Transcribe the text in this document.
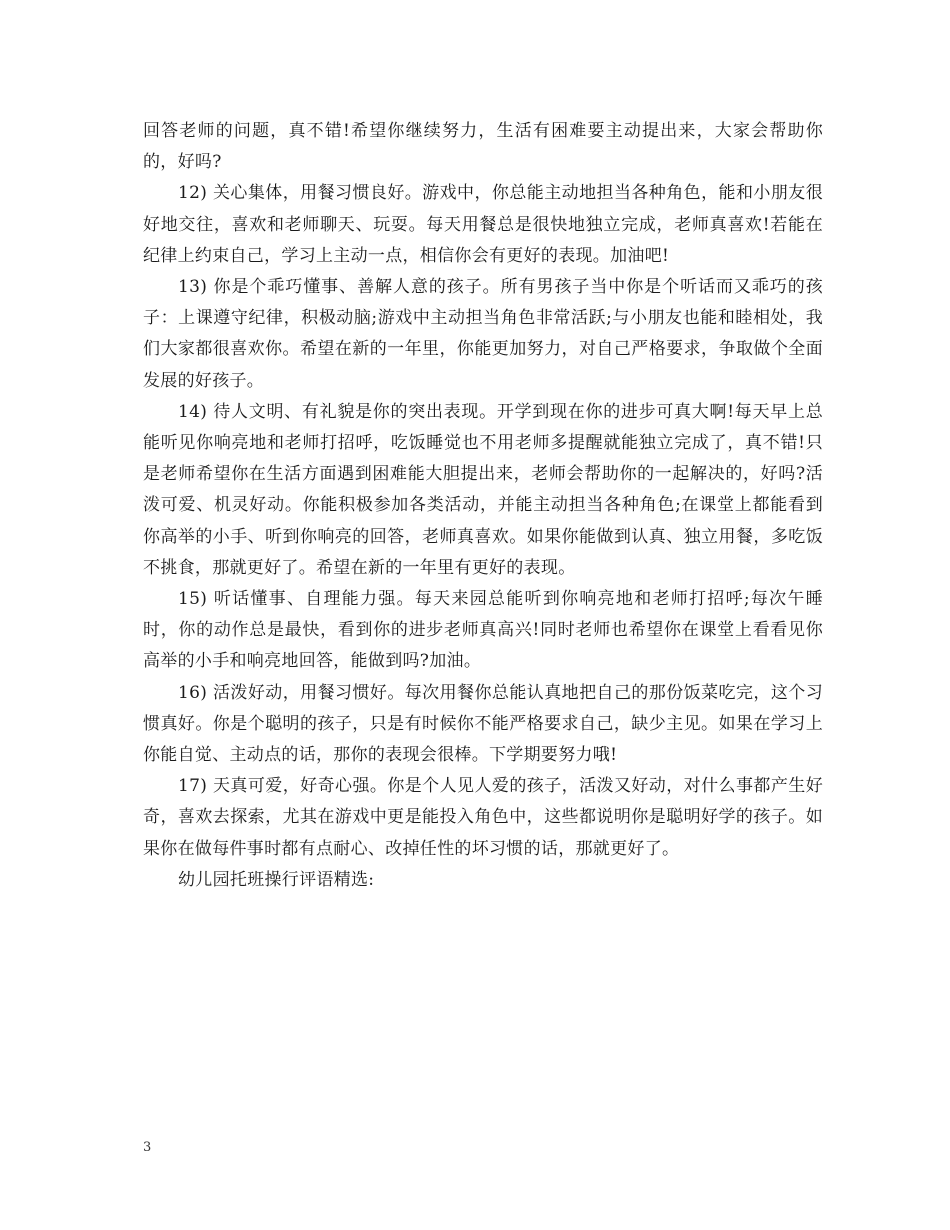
回答老师的问题，真不错!希望你继续努力，生活有困难要主动提出来，大家会帮助你的，好吗?

12) 关心集体，用餐习惯良好。游戏中，你总能主动地担当各种角色，能和小朋友很好地交往，喜欢和老师聊天、玩耍。每天用餐总是很快地独立完成，老师真喜欢!若能在纪律上约束自己，学习上主动一点，相信你会有更好的表现。加油吧!

13) 你是个乖巧懂事、善解人意的孩子。所有男孩子当中你是个听话而又乖巧的孩子：上课遵守纪律，积极动脑;游戏中主动担当角色非常活跃;与小朋友也能和睦相处，我们大家都很喜欢你。希望在新的一年里，你能更加努力，对自己严格要求，争取做个全面发展的好孩子。

14) 待人文明、有礼貌是你的突出表现。开学到现在你的进步可真大啊!每天早上总能听见你响亮地和老师打招呼，吃饭睡觉也不用老师多提醒就能独立完成了，真不错!只是老师希望你在生活方面遇到困难能大胆提出来，老师会帮助你的一起解决的，好吗?活泼可爱、机灵好动。你能积极参加各类活动，并能主动担当各种角色;在课堂上都能看到你高举的小手、听到你响亮的回答，老师真喜欢。如果你能做到认真、独立用餐，多吃饭不挑食，那就更好了。希望在新的一年里有更好的表现。

15) 听话懂事、自理能力强。每天来园总能听到你响亮地和老师打招呼;每次午睡时，你的动作总是最快，看到你的进步老师真高兴!同时老师也希望你在课堂上看看见你高举的小手和响亮地回答，能做到吗?加油。

16) 活泼好动，用餐习惯好。每次用餐你总能认真地把自己的那份饭菜吃完，这个习惯真好。你是个聪明的孩子，只是有时候你不能严格要求自己，缺少主见。如果在学习上你能自觉、主动点的话，那你的表现会很棒。下学期要努力哦!

17) 天真可爱，好奇心强。你是个人见人爱的孩子，活泼又好动，对什么事都产生好奇，喜欢去探索，尤其在游戏中更是能投入角色中，这些都说明你是聪明好学的孩子。如果你在做每件事时都有点耐心、改掉任性的坏习惯的话，那就更好了。

幼儿园托班操行评语精选:

3
